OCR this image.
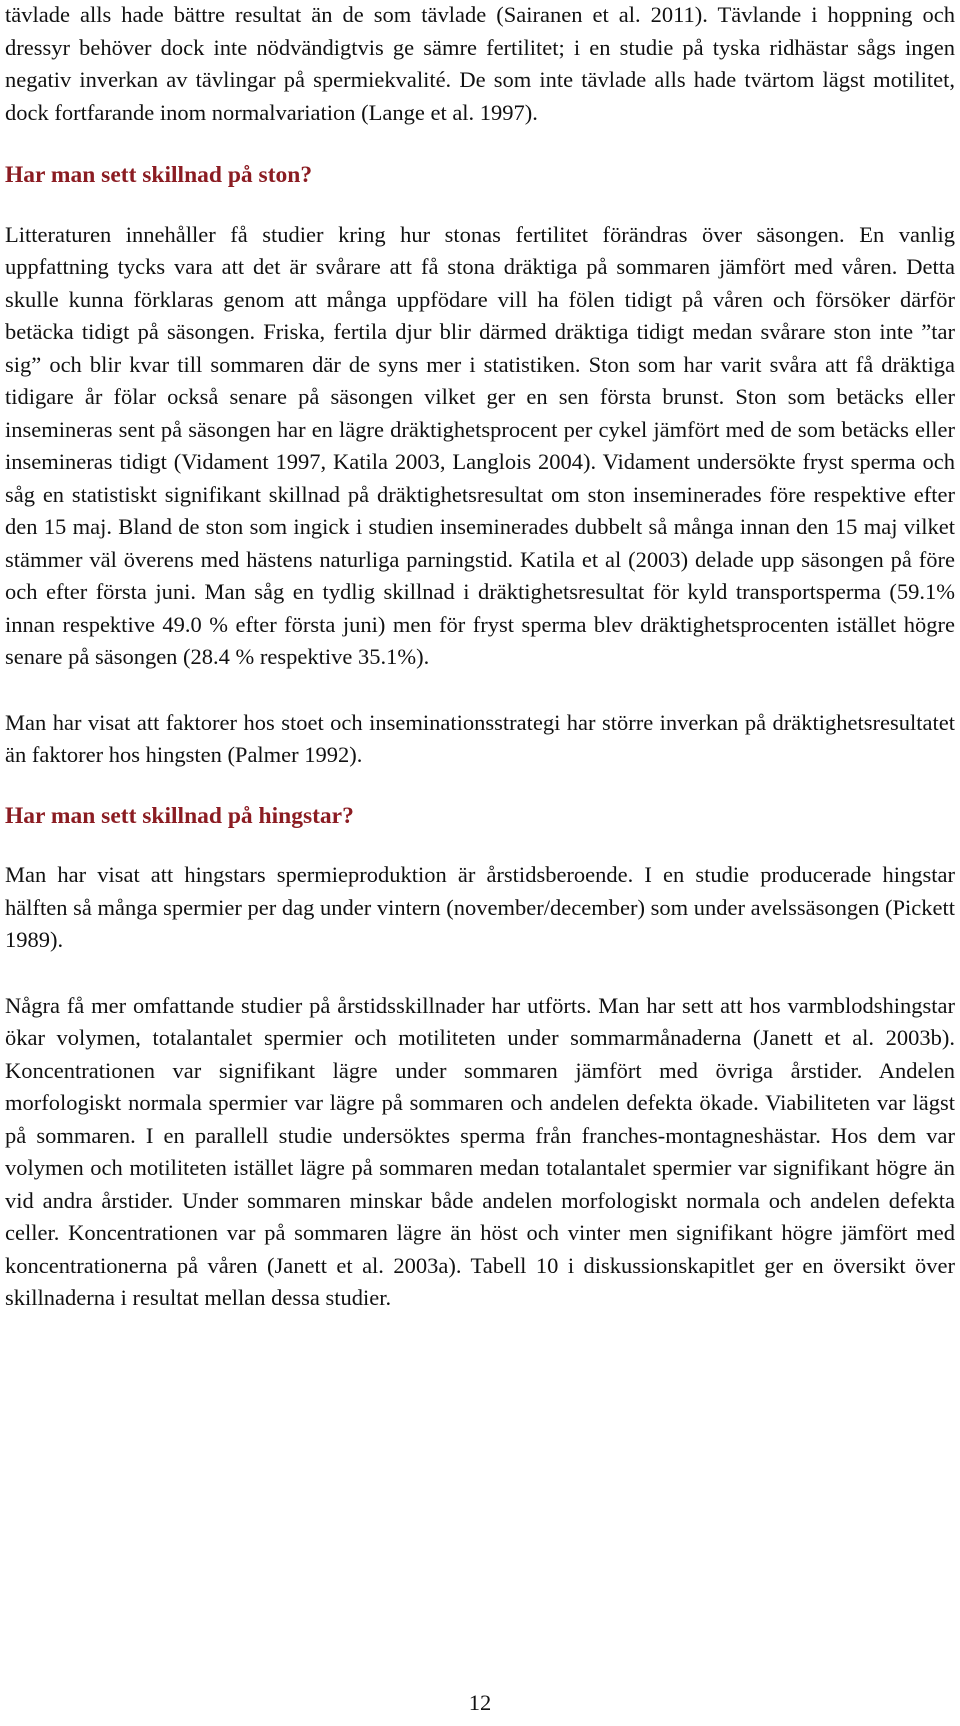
tävlade alls hade bättre resultat än de som tävlade (Sairanen et al. 2011). Tävlande i hoppning och dressyr behöver dock inte nödvändigtvis ge sämre fertilitet; i en studie på tyska ridhästar sågs ingen negativ inverkan av tävlingar på spermiekvalité. De som inte tävlade alls hade tvärtom lägst motilitet, dock fortfarande inom normalvariation (Lange et al. 1997).

Har man sett skillnad på ston?

Litteraturen innehåller få studier kring hur stonas fertilitet förändras över säsongen. En vanlig uppfattning tycks vara att det är svårare att få stona dräktiga på sommaren jämfört med våren. Detta skulle kunna förklaras genom att många uppfödare vill ha fölen tidigt på våren och försöker därför betäcka tidigt på säsongen. Friska, fertila djur blir därmed dräktiga tidigt medan svårare ston inte ”tar sig” och blir kvar till sommaren där de syns mer i statistiken. Ston som har varit svåra att få dräktiga tidigare år fölar också senare på säsongen vilket ger en sen första brunst. Ston som betäcks eller insemineras sent på säsongen har en lägre dräktighetsprocent per cykel jämfört med de som betäcks eller insemineras tidigt (Vidament 1997, Katila 2003, Langlois 2004). Vidament undersökte fryst sperma och såg en statistiskt signifikant skillnad på dräktighetsresultat om ston inseminerades före respektive efter den 15 maj. Bland de ston som ingick i studien inseminerades dubbelt så många innan den 15 maj vilket stämmer väl överens med hästens naturliga parningstid. Katila et al (2003) delade upp säsongen på före och efter första juni. Man såg en tydlig skillnad i dräktighetsresultat för kyld transportsperma (59.1% innan respektive 49.0 % efter första juni) men för fryst sperma blev dräktighetsprocenten istället högre senare på säsongen (28.4 % respektive 35.1%).

Man har visat att faktorer hos stoet och inseminationsstrategi har större inverkan på dräktighetsresultatet än faktorer hos hingsten (Palmer 1992).

Har man sett skillnad på hingstar?

Man har visat att hingstars spermieproduktion är årstidsberoende. I en studie producerade hingstar hälften så många spermier per dag under vintern (november/december) som under avelssäsongen (Pickett 1989).

Några få mer omfattande studier på årstidsskillnader har utförts. Man har sett att hos varmblodshingstar ökar volymen, totalantalet spermier och motiliteten under sommarmånaderna (Janett et al. 2003b). Koncentrationen var signifikant lägre under sommaren jämfört med övriga årstider. Andelen morfologiskt normala spermier var lägre på sommaren och andelen defekta ökade. Viabiliteten var lägst på sommaren. I en parallell studie undersöktes sperma från franches-montagneshästar. Hos dem var volymen och motiliteten istället lägre på sommaren medan totalantalet spermier var signifikant högre än vid andra årstider. Under sommaren minskar både andelen morfologiskt normala och andelen defekta celler. Koncentrationen var på sommaren lägre än höst och vinter men signifikant högre jämfört med koncentrationerna på våren (Janett et al. 2003a). Tabell 10 i diskussionskapitlet ger en översikt över skillnaderna i resultat mellan dessa studier.

12
